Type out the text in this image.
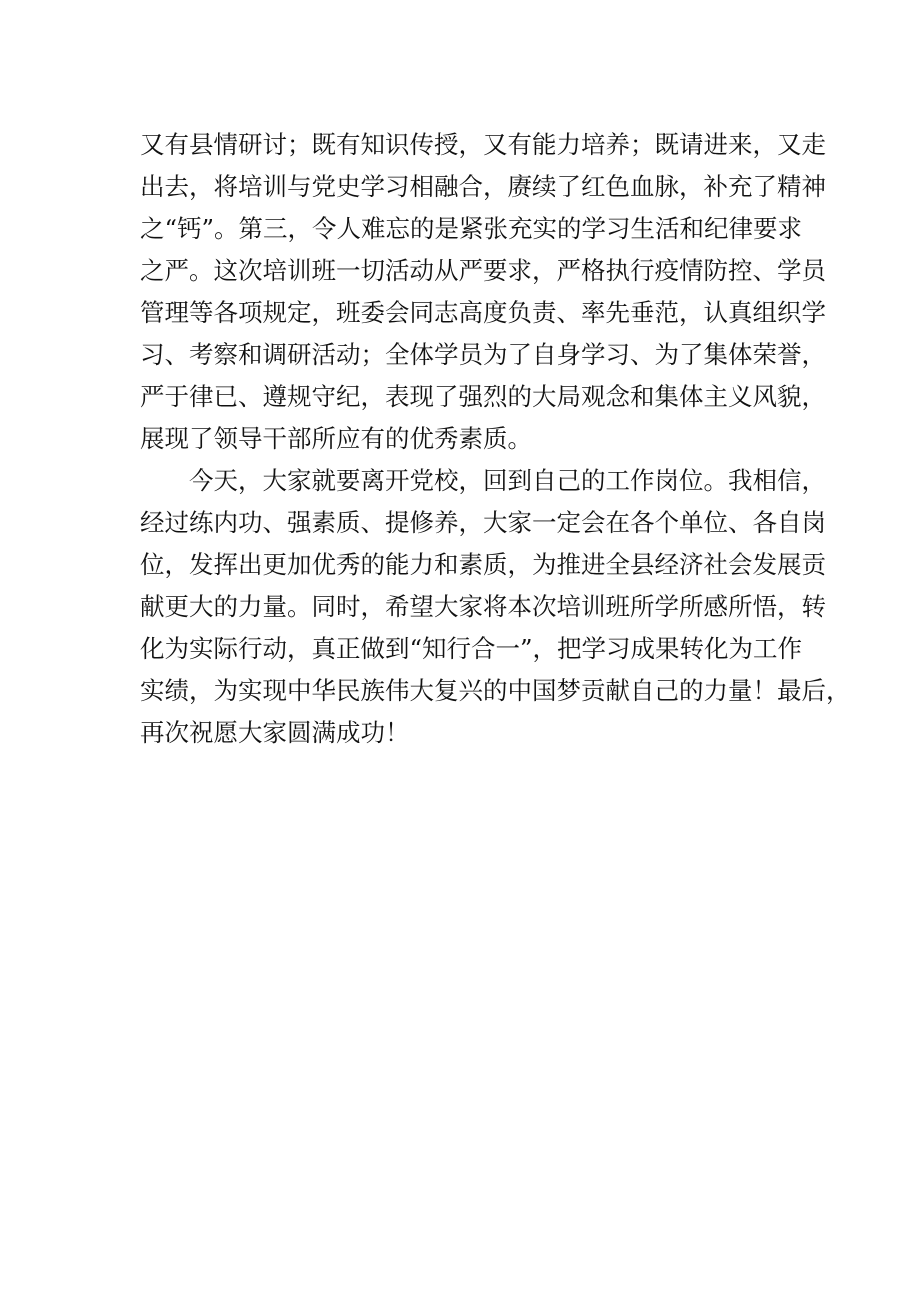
又有县情研讨；既有知识传授，又有能力培养；既请进来，又走
出去，将培训与党史学习相融合，赓续了红色血脉，补充了精神
之“钙”。第三，令人难忘的是紧张充实的学习生活和纪律要求
之严。这次培训班一切活动从严要求，严格执行疫情防控、学员
管理等各项规定，班委会同志高度负责、率先垂范，认真组织学
习、考察和调研活动；全体学员为了自身学习、为了集体荣誉，
严于律已、遵规守纪，表现了强烈的大局观念和集体主义风貌，
展现了领导干部所应有的优秀素质。
今天，大家就要离开党校，回到自己的工作岗位。我相信，
经过练内功、强素质、提修养，大家一定会在各个单位、各自岗
位，发挥出更加优秀的能力和素质，为推进全县经济社会发展贡
献更大的力量。同时，希望大家将本次培训班所学所感所悟，转
化为实际行动，真正做到“知行合一”，把学习成果转化为工作
实绩，为实现中华民族伟大复兴的中国梦贡献自己的力量！最后，
再次祝愿大家圆满成功！
